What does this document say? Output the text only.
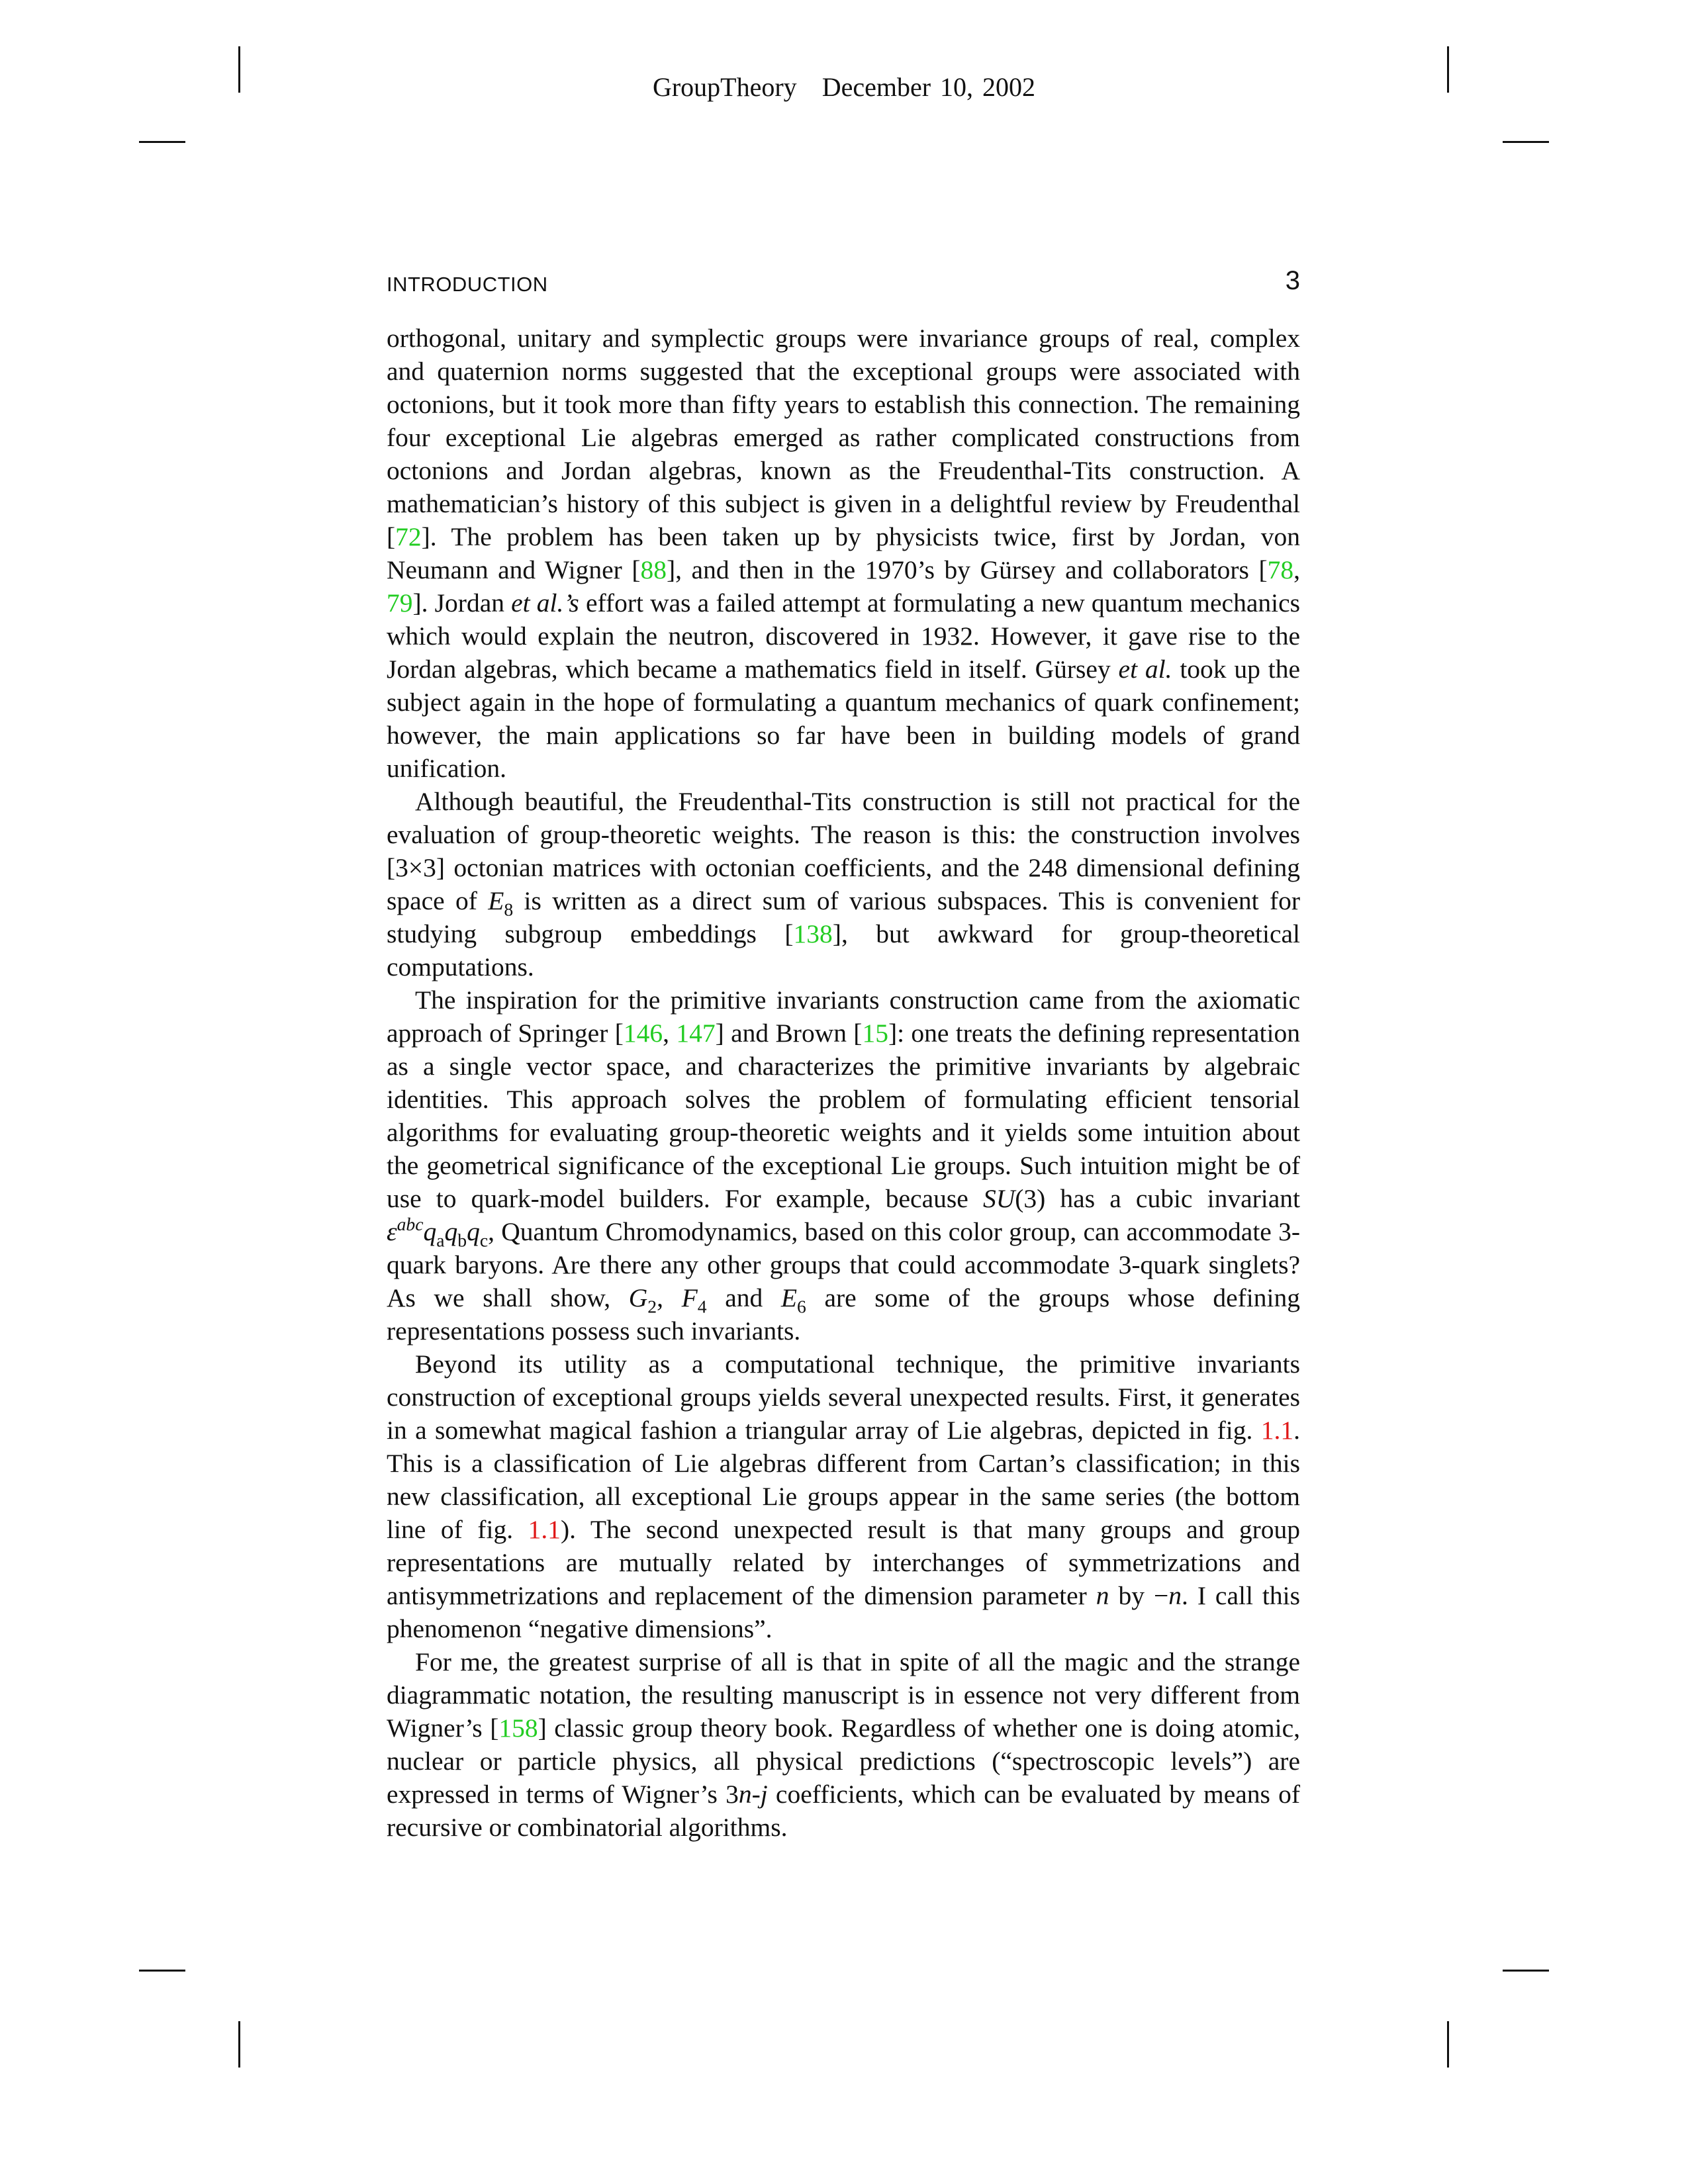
GroupTheory December 10, 2002
INTRODUCTION	3

orthogonal, unitary and symplectic groups were invariance groups of real, complex and quaternion norms suggested that the exceptional groups were associated with octonions, but it took more than fifty years to establish this connection. The remaining four exceptional Lie algebras emerged as rather complicated constructions from octonions and Jordan algebras, known as the Freudenthal-Tits construction. A mathematician’s history of this subject is given in a delightful review by Freudenthal [72]. The problem has been taken up by physicists twice, first by Jordan, von Neumann and Wigner [88], and then in the 1970’s by Gürsey and collaborators [78, 79]. Jordan et al.’s effort was a failed attempt at formulating a new quantum mechanics which would explain the neutron, discovered in 1932. However, it gave rise to the Jordan algebras, which became a mathematics field in itself. Gürsey et al. took up the subject again in the hope of formulating a quantum mechanics of quark confinement; however, the main applications so far have been in building models of grand unification.

Although beautiful, the Freudenthal-Tits construction is still not practical for the evaluation of group-theoretic weights. The reason is this: the construction involves [3×3] octonian matrices with octonian coefficients, and the 248 dimensional defining space of $E_8$ is written as a direct sum of various subspaces. This is convenient for studying subgroup embeddings [138], but awkward for group-theoretical computations.

The inspiration for the primitive invariants construction came from the axiomatic approach of Springer [146, 147] and Brown [15]: one treats the defining representation as a single vector space, and characterizes the primitive invariants by algebraic identities. This approach solves the problem of formulating efficient tensorial algorithms for evaluating group-theoretic weights and it yields some intuition about the geometrical significance of the exceptional Lie groups. Such intuition might be of use to quark-model builders. For example, because SU(3) has a cubic invariant $\varepsilon^{abc}q_aq_bq_c$, Quantum Chromodynamics, based on this color group, can accommodate 3-quark baryons. Are there any other groups that could accommodate 3-quark singlets? As we shall show, $G_2$, $F_4$ and $E_6$ are some of the groups whose defining representations possess such invariants.

Beyond its utility as a computational technique, the primitive invariants construction of exceptional groups yields several unexpected results. First, it generates in a somewhat magical fashion a triangular array of Lie algebras, depicted in fig. 1.1. This is a classification of Lie algebras different from Cartan’s classification; in this new classification, all exceptional Lie groups appear in the same series (the bottom line of fig. 1.1). The second unexpected result is that many groups and group representations are mutually related by interchanges of symmetrizations and antisymmetrizations and replacement of the dimension parameter n by −n. I call this phenomenon “negative dimensions”.

For me, the greatest surprise of all is that in spite of all the magic and the strange diagrammatic notation, the resulting manuscript is in essence not very different from Wigner’s [158] classic group theory book. Regardless of whether one is doing atomic, nuclear or particle physics, all physical predictions (“spectroscopic levels”) are expressed in terms of Wigner’s 3n-j coefficients, which can be evaluated by means of recursive or combinatorial algorithms.
